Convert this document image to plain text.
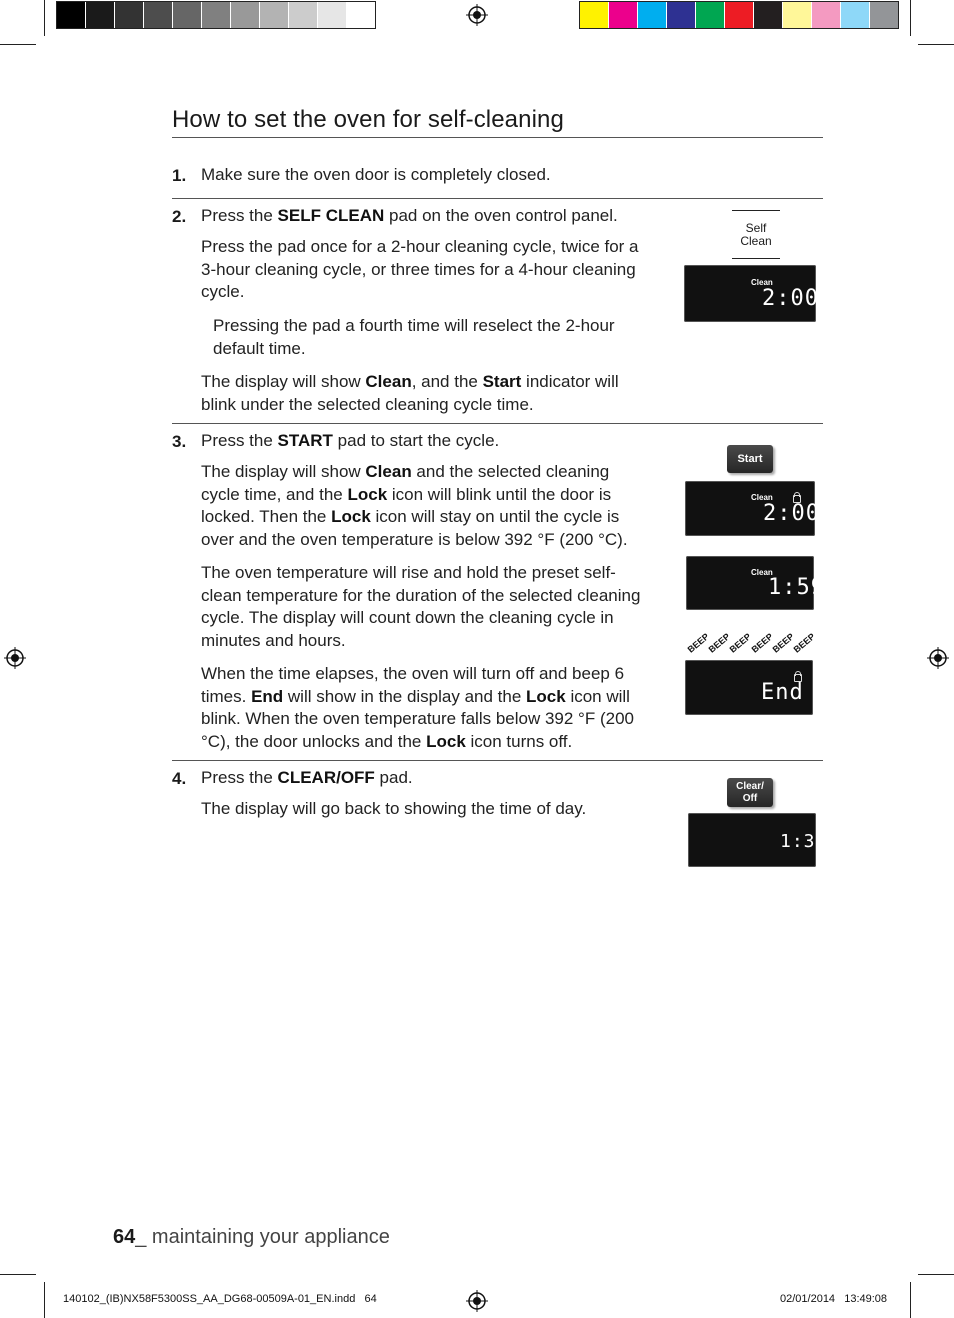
How to set the oven for self-cleaning
1. Make sure the oven door is completely closed.
2. Press the SELF CLEAN pad on the oven control panel.
Press the pad once for a 2-hour cleaning cycle, twice for a 3-hour cleaning cycle, or three times for a 4-hour cleaning cycle.
Pressing the pad a fourth time will reselect the 2-hour default time.
The display will show Clean, and the Start indicator will blink under the selected cleaning cycle time.
Self
Clean
Clean
2:00
3. Press the START pad to start the cycle.
The display will show Clean and the selected cleaning cycle time, and the Lock icon will blink until the door is locked. Then the Lock icon will stay on until the cycle is over and the oven temperature is below 392 °F (200 °C).
The oven temperature will rise and hold the preset self-clean temperature for the duration of the selected cleaning cycle. The display will count down the cleaning cycle in minutes and hours.
When the time elapses, the oven will turn off and beep 6 times. End will show in the display and the Lock icon will blink. When the oven temperature falls below 392 °F (200 °C), the door unlocks and the Lock icon turns off.
Start
Clean
2:00
Clean
1:59
BEEP
BEEP
BEEP
BEEP
BEEP
BEEP
End
4. Press the CLEAR/OFF pad.
The display will go back to showing the time of day.
Clear/
Off
1:30
64_ maintaining your appliance
140102_(IB)NX58F5300SS_AA_DG68-00509A-01_EN.indd   64	02/01/2014   13:49:08
